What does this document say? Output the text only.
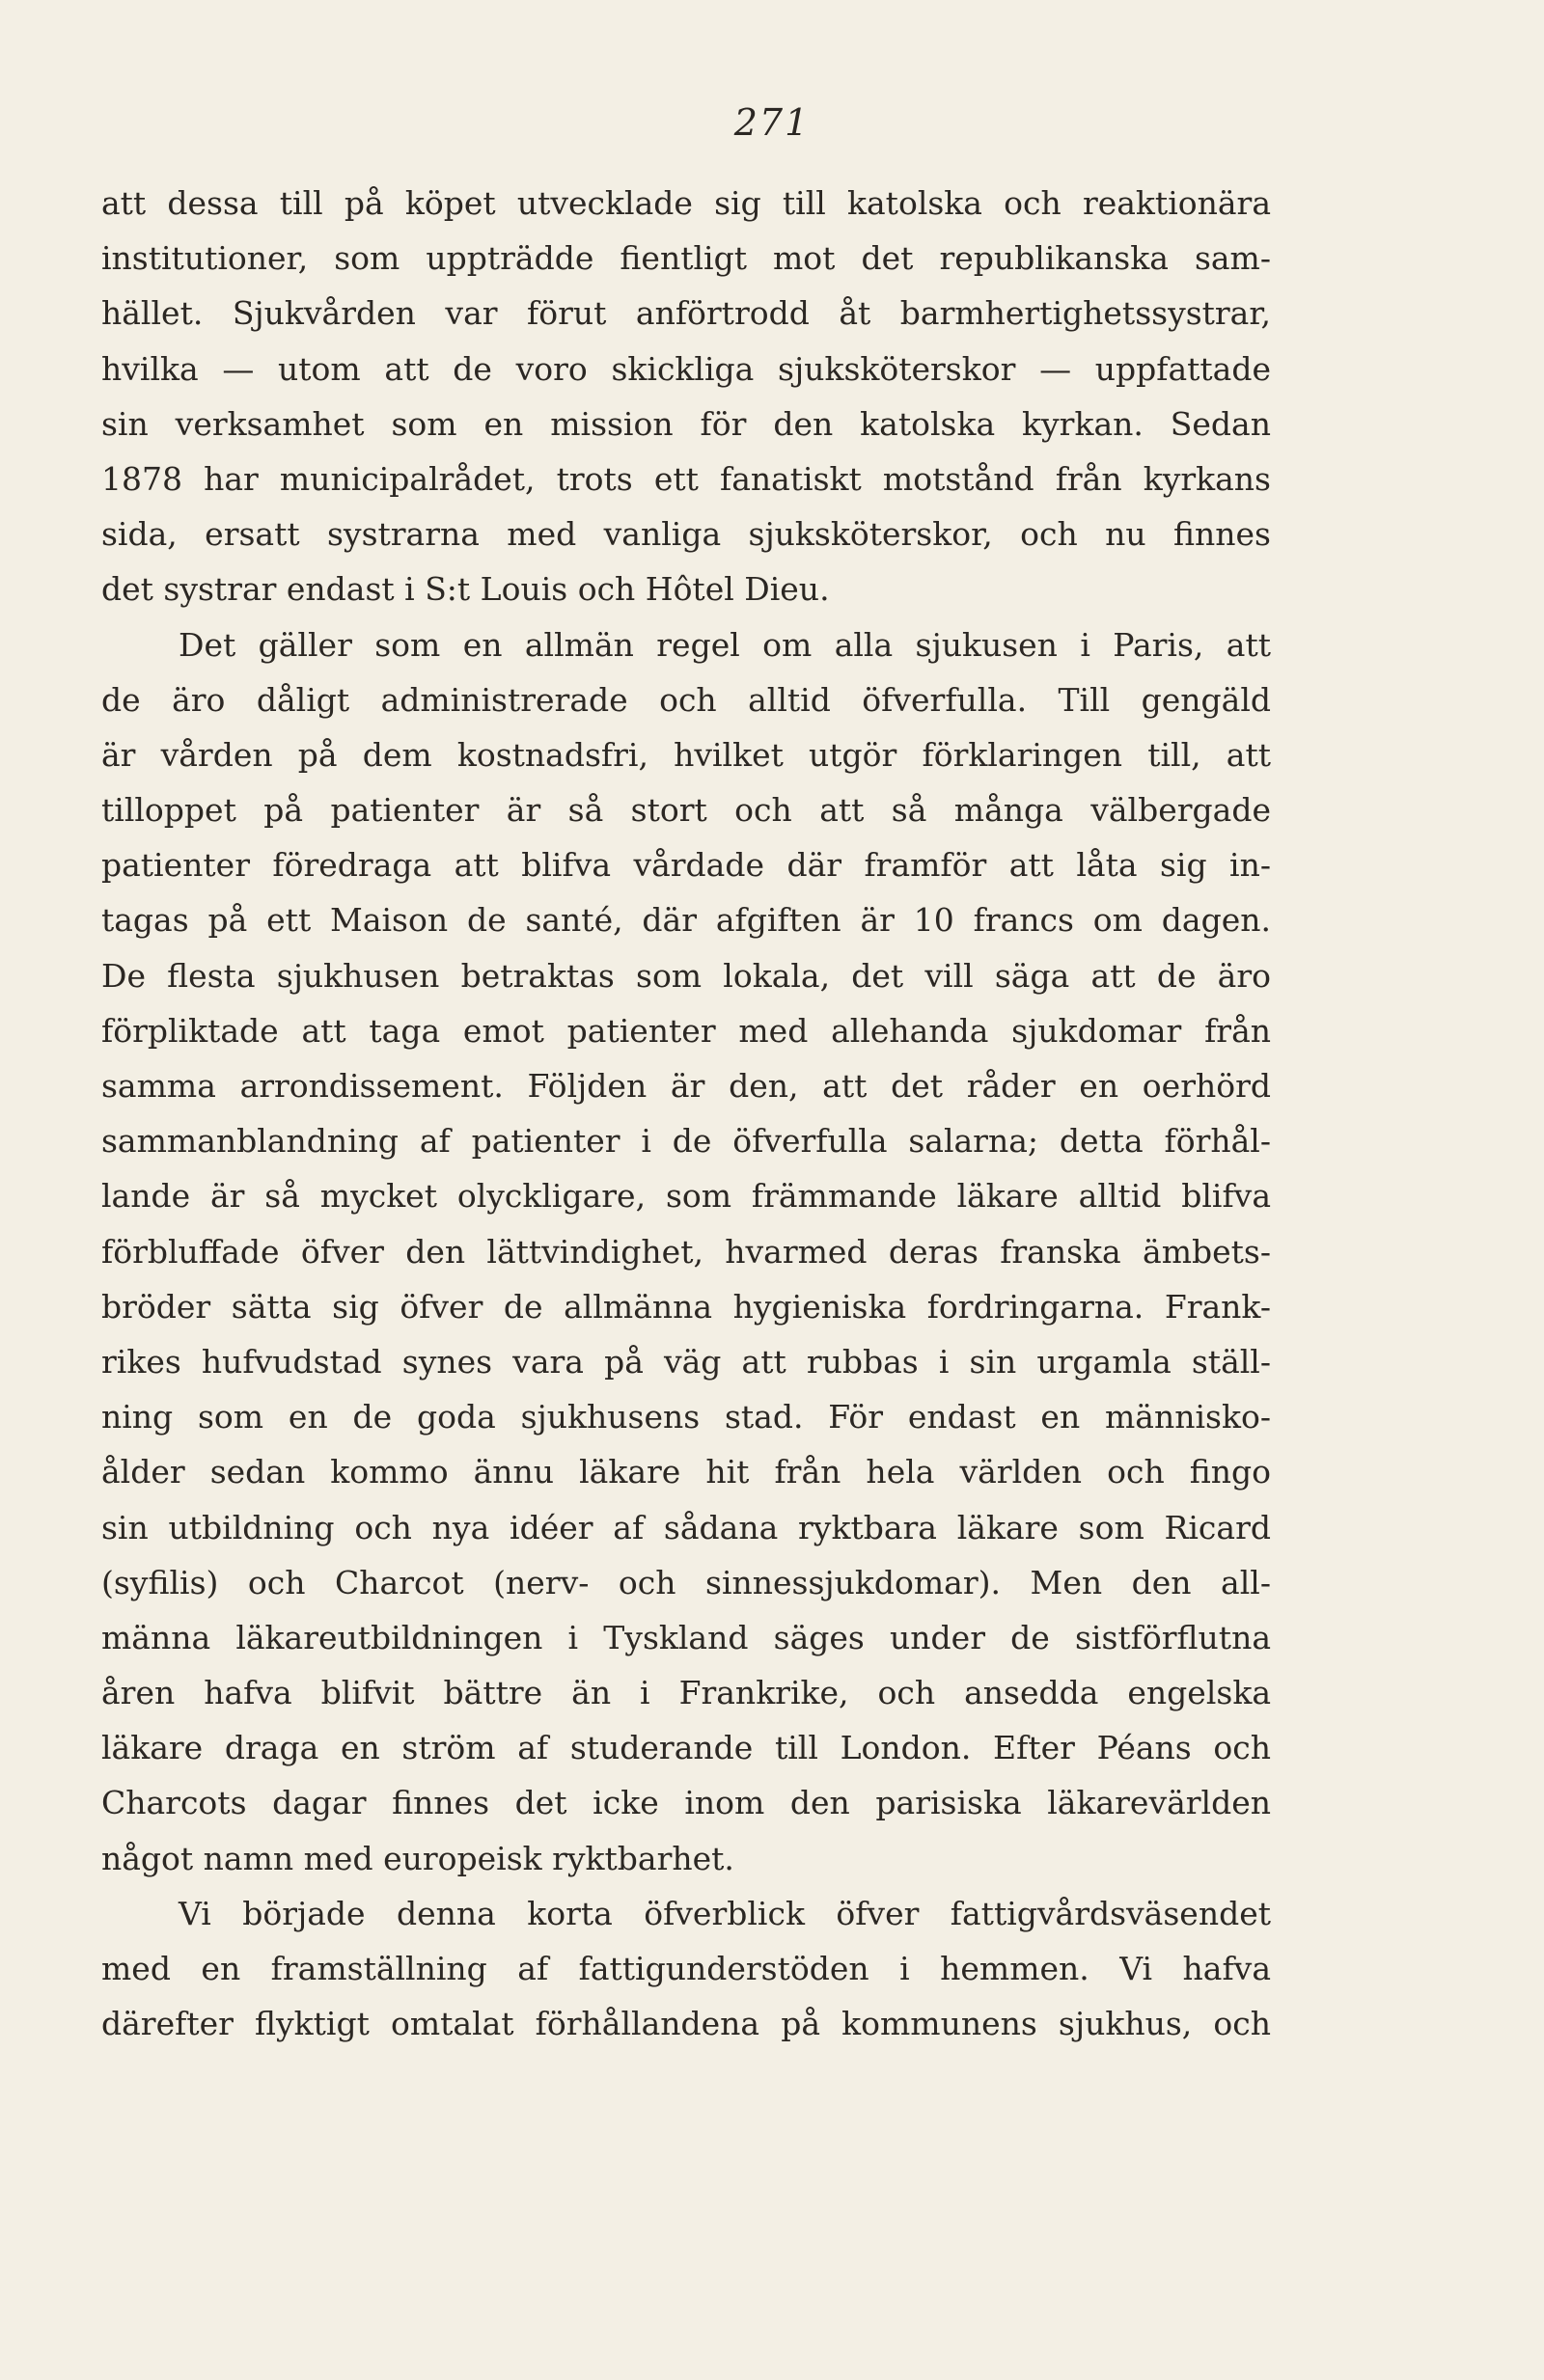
271
att dessa till på köpet utvecklade sig till katolska och reaktionära
institutioner, som uppträdde fientligt mot det republikanska sam-
hället. Sjukvården var förut anförtrodd åt barmhertighetssystrar,
hvilka — utom att de voro skickliga sjuksköterskor — uppfattade
sin verksamhet som en mission för den katolska kyrkan. Sedan
1878 har municipalrådet, trots ett fanatiskt motstånd från kyrkans
sida, ersatt systrarna med vanliga sjuksköterskor, och nu finnes
det systrar endast i S:t Louis och Hôtel Dieu.
Det gäller som en allmän regel om alla sjukusen i Paris, att
de äro dåligt administrerade och alltid öfverfulla. Till gengäld
är vården på dem kostnadsfri, hvilket utgör förklaringen till, att
tilloppet på patienter är så stort och att så många välbergade
patienter föredraga att blifva vårdade där framför att låta sig in-
tagas på ett Maison de santé, där afgiften är 10 francs om dagen.
De flesta sjukhusen betraktas som lokala, det vill säga att de äro
förpliktade att taga emot patienter med allehanda sjukdomar från
samma arrondissement. Följden är den, att det råder en oerhörd
sammanblandning af patienter i de öfverfulla salarna; detta förhål-
lande är så mycket olyckligare, som främmande läkare alltid blifva
förbluffade öfver den lättvindighet, hvarmed deras franska ämbets-
bröder sätta sig öfver de allmänna hygieniska fordringarna. Frank-
rikes hufvudstad synes vara på väg att rubbas i sin urgamla ställ-
ning som en de goda sjukhusens stad. För endast en människo-
ålder sedan kommo ännu läkare hit från hela världen och fingo
sin utbildning och nya idéer af sådana ryktbara läkare som Ricard
(syfilis) och Charcot (nerv- och sinnessjukdomar). Men den all-
männa läkareutbildningen i Tyskland säges under de sistförflutna
åren hafva blifvit bättre än i Frankrike, och ansedda engelska
läkare draga en ström af studerande till London. Efter Péans och
Charcots dagar finnes det icke inom den parisiska läkarevärlden
något namn med europeisk ryktbarhet.
Vi började denna korta öfverblick öfver fattigvårdsväsendet
med en framställning af fattigunderstöden i hemmen. Vi hafva
därefter flyktigt omtalat förhållandena på kommunens sjukhus, och
